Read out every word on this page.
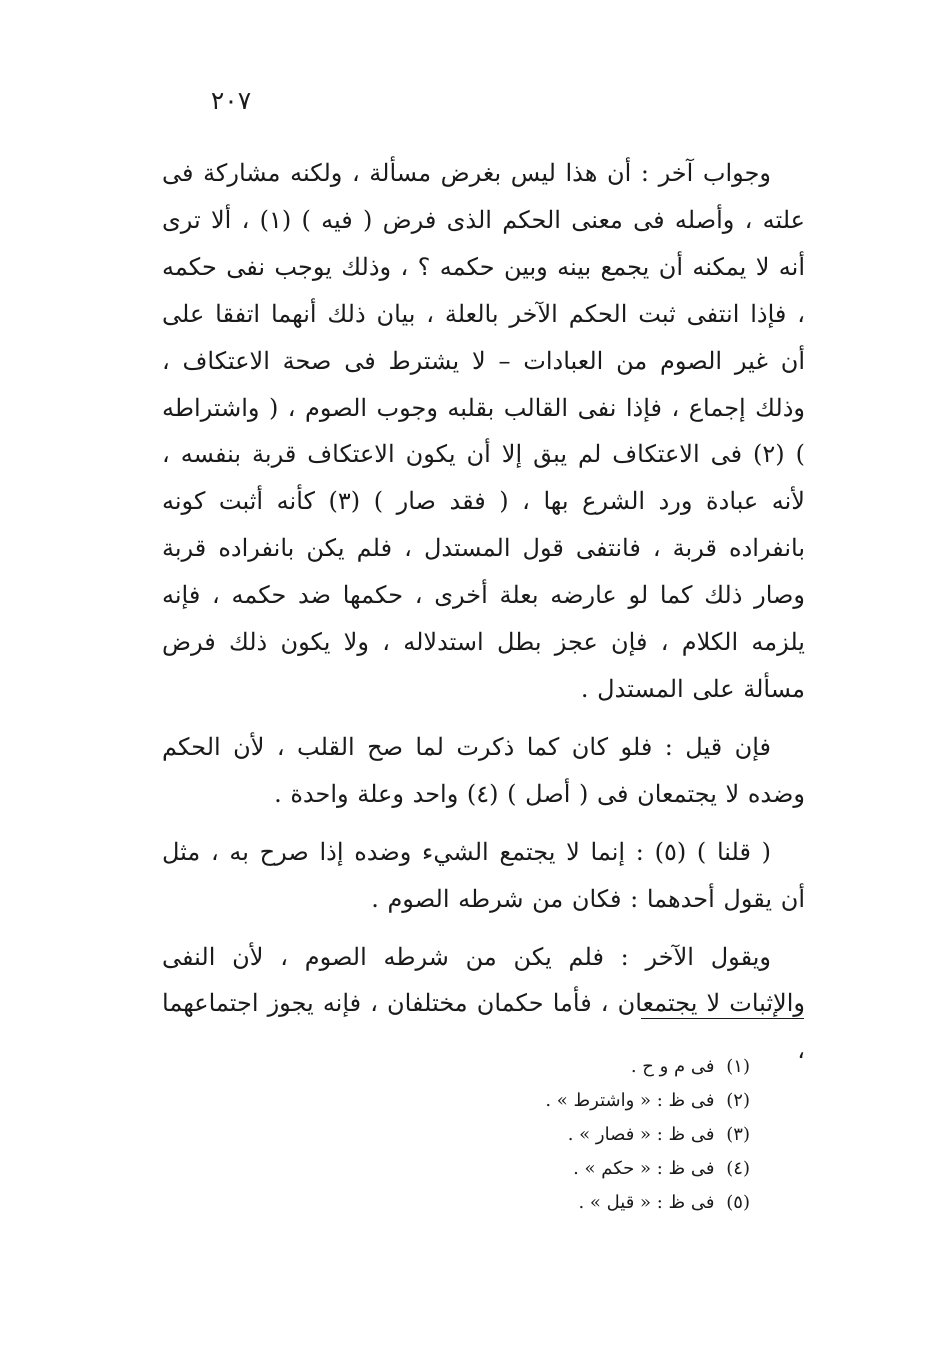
٢٠٧

وجواب آخر : أن هذا ليس بغرض مسألة ، ولكنه مشاركة فى علته ، وأصله فى معنى الحكم الذى فرض ( فيه ) (١) ، ألا ترى أنه لا يمكنه أن يجمع بينه وبين حكمه ؟ ، وذلك يوجب نفى حكمه ، فإذا انتفى ثبت الحكم الآخر بالعلة ، بيان ذلك أنهما اتفقا على أن غير الصوم من العبادات – لا يشترط فى صحة الاعتكاف ، وذلك إجماع ، فإذا نفى القالب بقلبه وجوب الصوم ، ( واشتراطه ) (٢) فى الاعتكاف لم يبق إلا أن يكون الاعتكاف قربة بنفسه ، لأنه عبادة ورد الشرع بها ، ( فقد صار ) (٣) كأنه أثبت كونه بانفراده قربة ، فانتفى قول المستدل ، فلم يكن بانفراده قربة وصار ذلك كما لو عارضه بعلة أخرى ، حكمها ضد حكمه ، فإنه يلزمه الكلام ، فإن عجز بطل استدلاله ، ولا يكون ذلك فرض مسألة على المستدل .

فإن قيل : فلو كان كما ذكرت لما صح القلب ، لأن الحكم وضده لا يجتمعان فى ( أصل ) (٤) واحد وعلة واحدة .

( قلنا ) (٥) : إنما لا يجتمع الشيء وضده إذا صرح به ، مثل أن يقول أحدهما : فكان من شرطه الصوم .

ويقول الآخر : فلم يكن من شرطه الصوم ، لأن النفى والإثبات لا يجتمعان ، فأما حكمان مختلفان ، فإنه يجوز اجتماعهما ،

(١) فى م و ح .
(٢) فى ظ : « واشترط » .
(٣) فى ظ : « فصار » .
(٤) فى ظ : « حكم » .
(٥) فى ظ : « قيل » .
